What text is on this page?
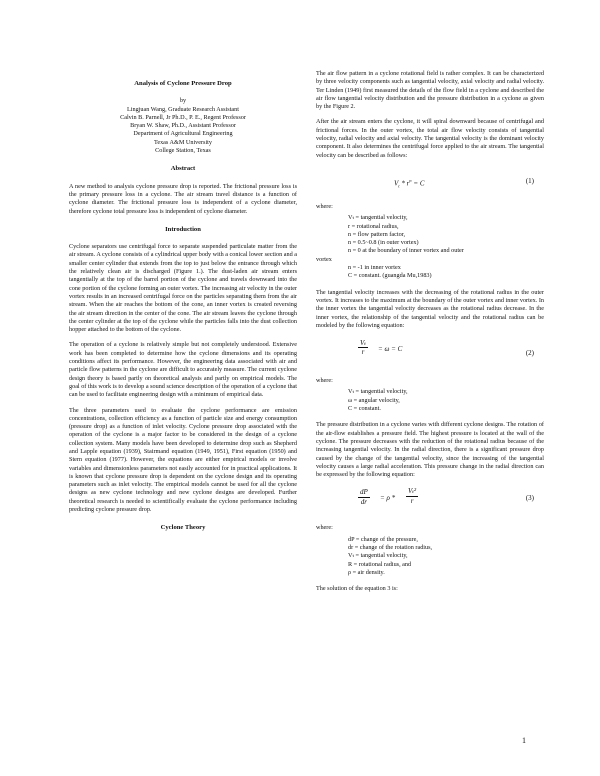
Analysis of Cyclone Pressure Drop

by

Lingjuan Wang, Graduate Research Assistant

Calvin B. Parnell, Jr Ph.D., P. E., Regent Professor

Bryan W. Shaw, Ph.D., Assistant Professor

Department of Agricultural Engineering

Texas A&M University

College Station, Texas

Abstract

A new method to analysis cyclone pressure drop is reported. The frictional pressure loss is the primary pressure loss in a cyclone. The air stream travel distance is a function of cyclone diameter. The frictional pressure loss is independent of a cyclone diameter, therefore cyclone total pressure loss is independent of cyclone diameter.

Introduction

Cyclone separators use centrifugal force to separate suspended particulate matter from the air stream. A cyclone consists of a cylindrical upper body with a conical lower section and a smaller center cylinder that extends from the top to just below the entrance through which the relatively clean air is discharged (Figure 1.). The dust-laden air stream enters tangentially at the top of the barrel portion of the cyclone and travels downward into the cone portion of the cyclone forming an outer vortex. The increasing air velocity in the outer vortex results in an increased centrifugal force on the particles separating them from the air stream. When the air reaches the bottom of the cone, an inner vortex is created reversing the air stream direction in the center of the cone. The air stream leaves the cyclone through the center cylinder at the top of the cyclone while the particles falls into the dust collection hopper attached to the bottom of the cyclone.

The operation of a cyclone is relatively simple but not completely understood. Extensive work has been completed to determine how the cyclone dimensions and its operating conditions affect its performance. However, the engineering data associated with air and particle flow patterns in the cyclone are difficult to accurately measure. The current cyclone design theory is based partly on theoretical analysis and partly on empirical models. The goal of this work is to develop a sound science description of the operation of a cyclone that can be used to facilitate engineering design with a minimum of empirical data.

The three parameters used to evaluate the cyclone performance are emission concentrations, collection efficiency as a function of particle size and energy consumption (pressure drop) as a function of inlet velocity. Cyclone pressure drop associated with the operation of the cyclone is a major factor to be considered in the design of a cyclone collection system. Many models have been developed to determine drop such as Shepherd and Lapple equation (1939), Stairmand equation (1949, 1951), First equation (1950) and Stern equation (1977). However, the equations are either empirical models or involve variables and dimensionless parameters not easily accounted for in practical applications. It is known that cyclone pressure drop is dependent on the cyclone design and its operating parameters such as inlet velocity. The empirical models cannot be used for all the cyclone designs as new cyclone technology and new cyclone designs are developed. Further theoretical research is needed to scientifically evaluate the cyclone performance including predicting cyclone pressure drop.

Cyclone Theory

The air flow pattern in a cyclone rotational field is rather complex. It can be characterized by three velocity components such as tangential velocity, axial velocity and radial velocity. Ter Linden (1949) first measured the details of the flow field in a cyclone and described the air flow tangential velocity distribution and the pressure distribution in a cyclone as given by the Figure 2.

After the air stream enters the cyclone, it will spiral downward because of centrifugal and frictional forces. In the outer vortex, the total air flow velocity consists of tangential velocity, radial velocity and axial velocity. The tangential velocity is the dominant velocity component. It also determines the centrifugal force applied to the air stream. The tangential velocity can be described as follows:

$V_t * r^n = C$	(1)

where:

Vₜ = tangential velocity,
r = rotational radius,
n = flow pattern factor,
n = 0.5~0.8 (in outer vortex)
n = 0 at the boundary of inner vortex and outer
vortex
n = -1 in inner vortex
C = constant. (guangda Mu,1983)

The tangential velocity increases with the decreasing of the rotational radius in the outer vortex. It increases to the maximum at the boundary of the outer vortex and inner vortex. In the inner vortex the tangential velocity decreases as the rotational radius decrease. In the inner vortex, the relationship of the tangential velocity and the rotational radius can be modeled by the following equation:

$\frac{\text{Vₜ}}{r} = \omega = C$	(2)

where:

Vₜ = tangential velocity,
ω = angular velocity,
C = constant.

The pressure distribution in a cyclone varies with different cyclone designs. The rotation of the air-flow establishes a pressure field. The highest pressure is located at the wall of the cyclone. The pressure decreases with the reduction of the rotational radius because of the increasing tangential velocity. In the radial direction, there is a significant pressure drop caused by the change of the tangential velocity, since the increasing of the tangential velocity causes a large radial acceleration. This pressure change in the radial direction can be expressed by the following equation:

$\frac{dP}{dr} = \rho * \frac{\text{Vₜ²}}{r}$	(3)

where:

dP = change of the pressure,
dr = change of the rotation radius,
Vₜ = tangential velocity,
R = rotational radius, and
ρ = air density.

The solution of the equation 3 is:

1
